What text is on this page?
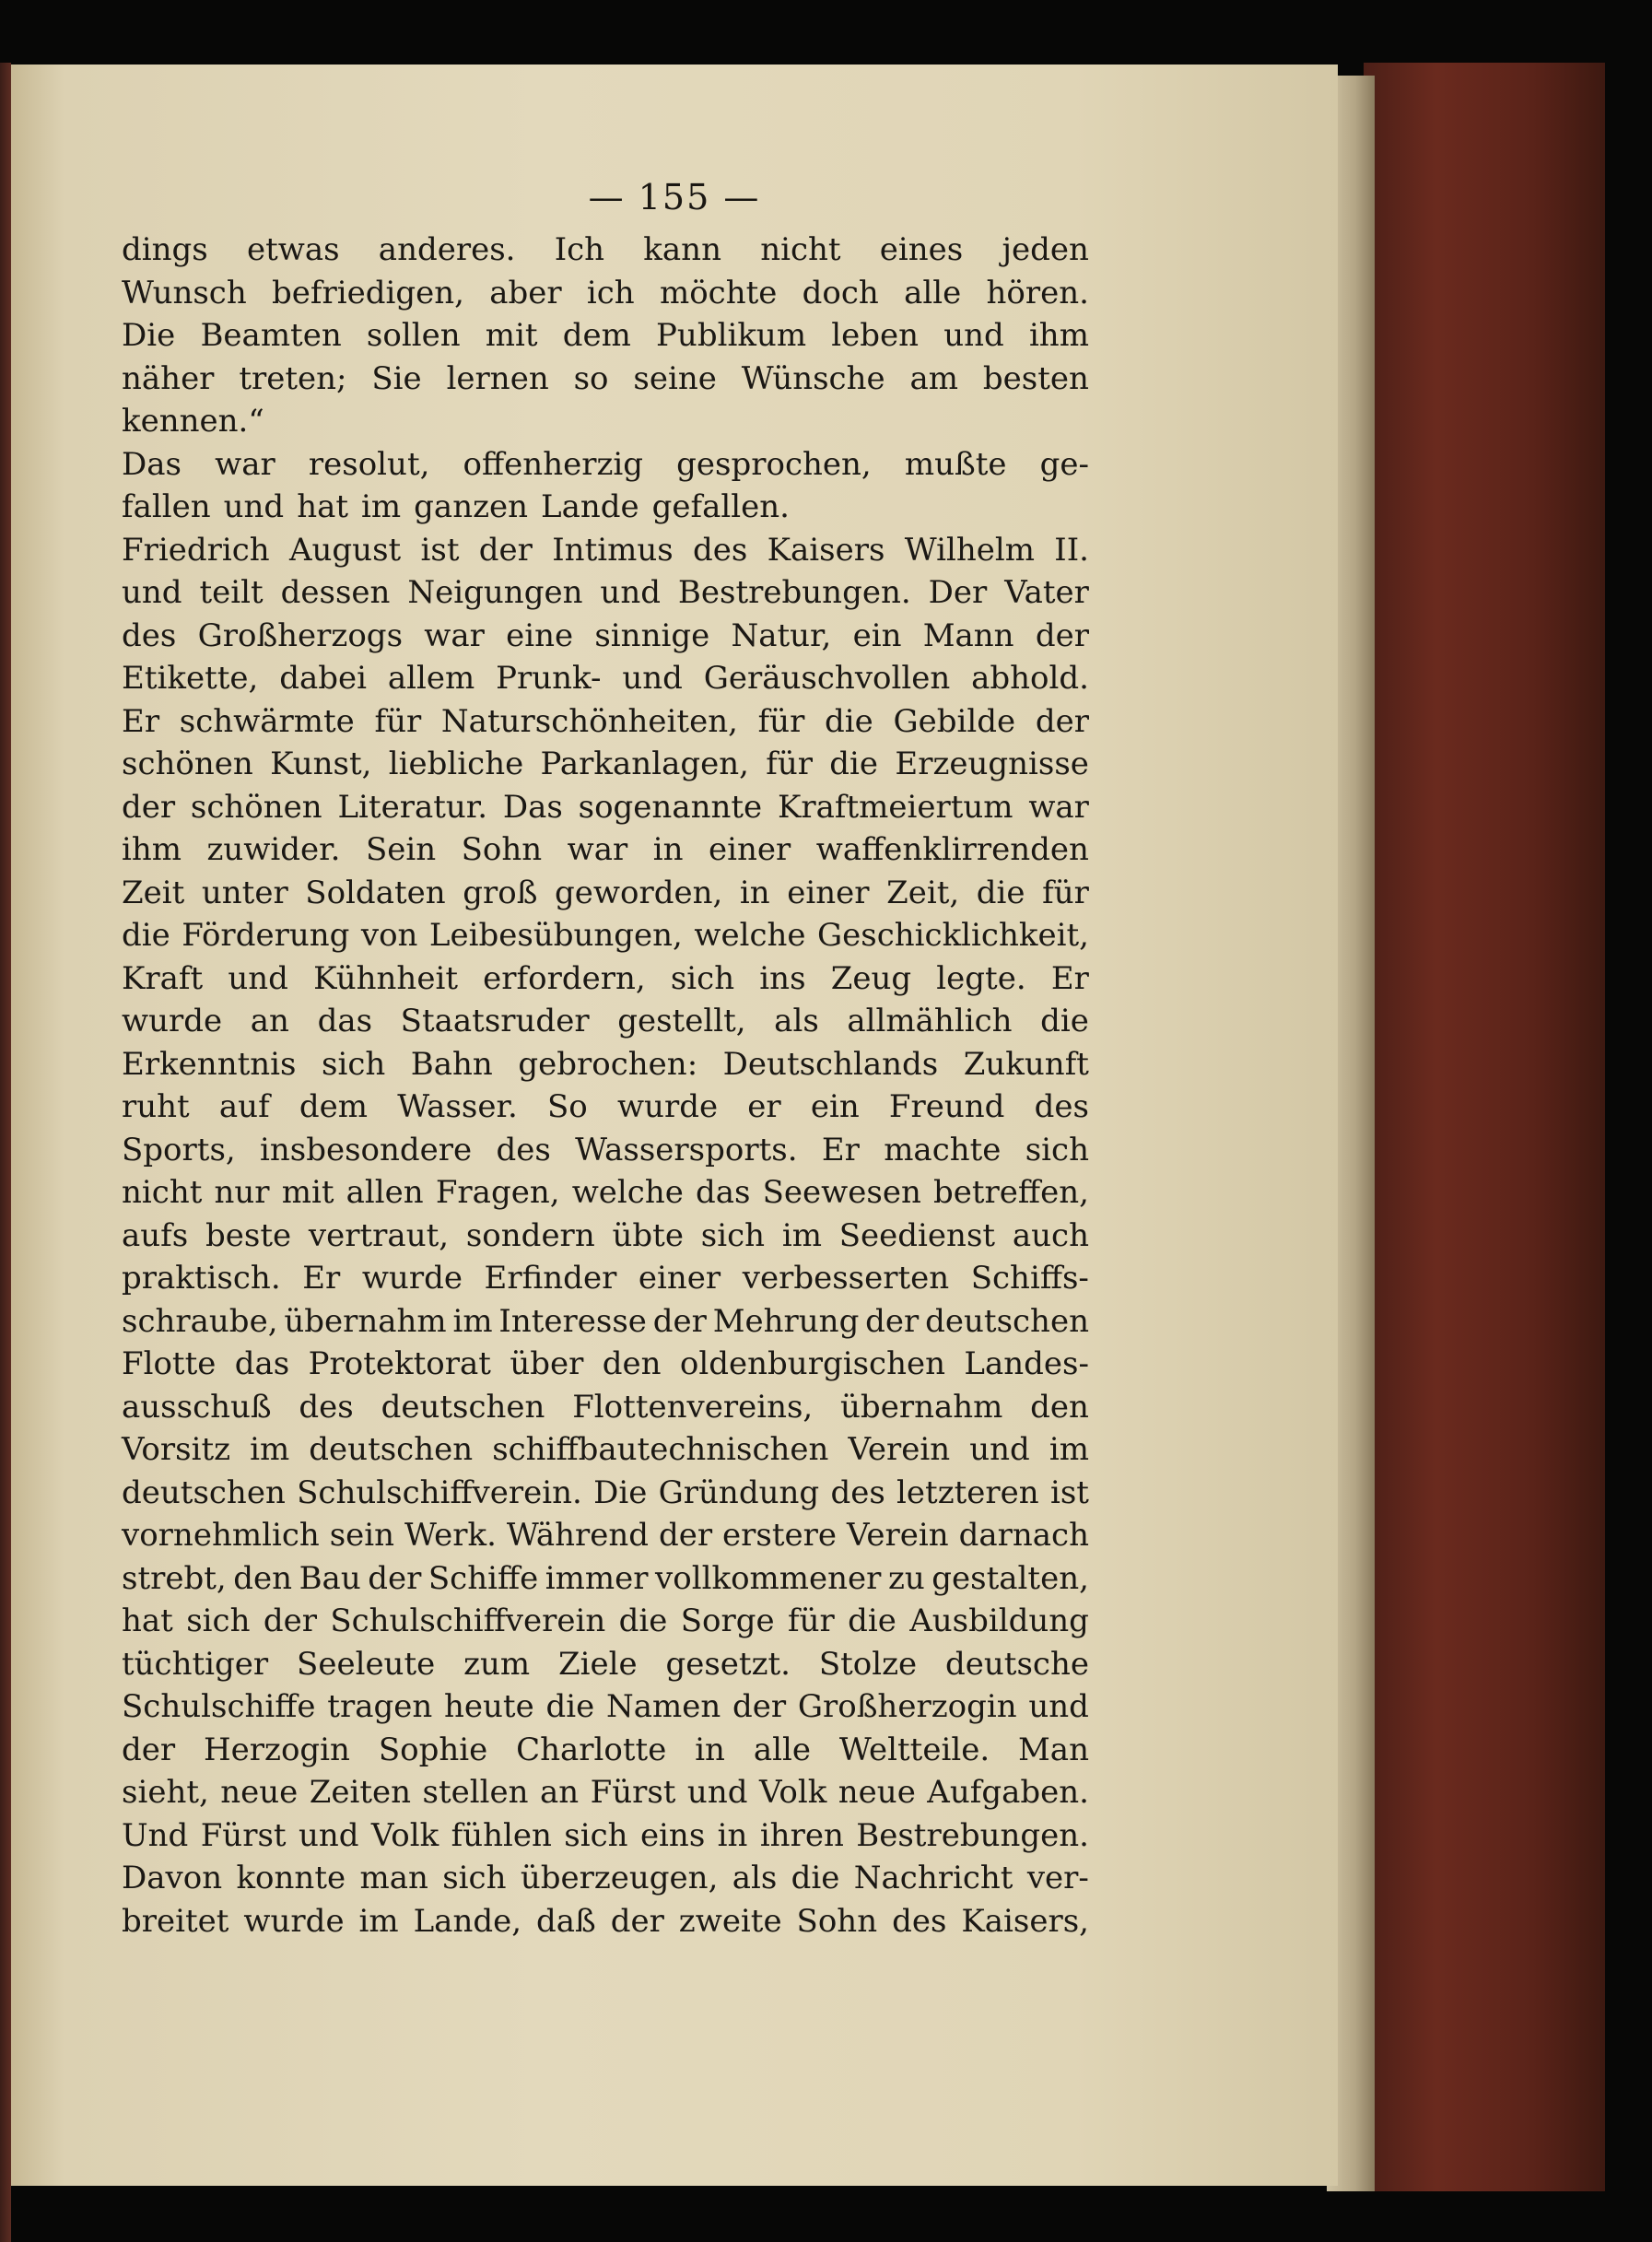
— 155 —
dings etwas anderes. Ich kann nicht eines jeden
Wunsch befriedigen, aber ich möchte doch alle hören.
Die Beamten sollen mit dem Publikum leben und ihm
näher treten; Sie lernen so seine Wünsche am besten
kennen.“
Das war resolut, offenherzig gesprochen, mußte ge-
fallen und hat im ganzen Lande gefallen.
Friedrich August ist der Intimus des Kaisers Wilhelm II.
und teilt dessen Neigungen und Bestrebungen. Der Vater
des Großherzogs war eine sinnige Natur, ein Mann der
Etikette, dabei allem Prunk- und Geräuschvollen abhold.
Er schwärmte für Naturschönheiten, für die Gebilde der
schönen Kunst, liebliche Parkanlagen, für die Erzeugnisse
der schönen Literatur. Das sogenannte Kraftmeiertum war
ihm zuwider. Sein Sohn war in einer waffenklirrenden
Zeit unter Soldaten groß geworden, in einer Zeit, die für
die Förderung von Leibesübungen, welche Geschicklichkeit,
Kraft und Kühnheit erfordern, sich ins Zeug legte. Er
wurde an das Staatsruder gestellt, als allmählich die
Erkenntnis sich Bahn gebrochen: Deutschlands Zukunft
ruht auf dem Wasser. So wurde er ein Freund des
Sports, insbesondere des Wassersports. Er machte sich
nicht nur mit allen Fragen, welche das Seewesen betreffen,
aufs beste vertraut, sondern übte sich im Seedienst auch
praktisch. Er wurde Erfinder einer verbesserten Schiffs-
schraube, übernahm im Interesse der Mehrung der deutschen
Flotte das Protektorat über den oldenburgischen Landes-
ausschuß des deutschen Flottenvereins, übernahm den
Vorsitz im deutschen schiffbautechnischen Verein und im
deutschen Schulschiffverein. Die Gründung des letzteren ist
vornehmlich sein Werk. Während der erstere Verein darnach
strebt, den Bau der Schiffe immer vollkommener zu gestalten,
hat sich der Schulschiffverein die Sorge für die Ausbildung
tüchtiger Seeleute zum Ziele gesetzt. Stolze deutsche
Schulschiffe tragen heute die Namen der Großherzogin und
der Herzogin Sophie Charlotte in alle Weltteile. Man
sieht, neue Zeiten stellen an Fürst und Volk neue Aufgaben.
Und Fürst und Volk fühlen sich eins in ihren Bestrebungen.
Davon konnte man sich überzeugen, als die Nachricht ver-
breitet wurde im Lande, daß der zweite Sohn des Kaisers,
